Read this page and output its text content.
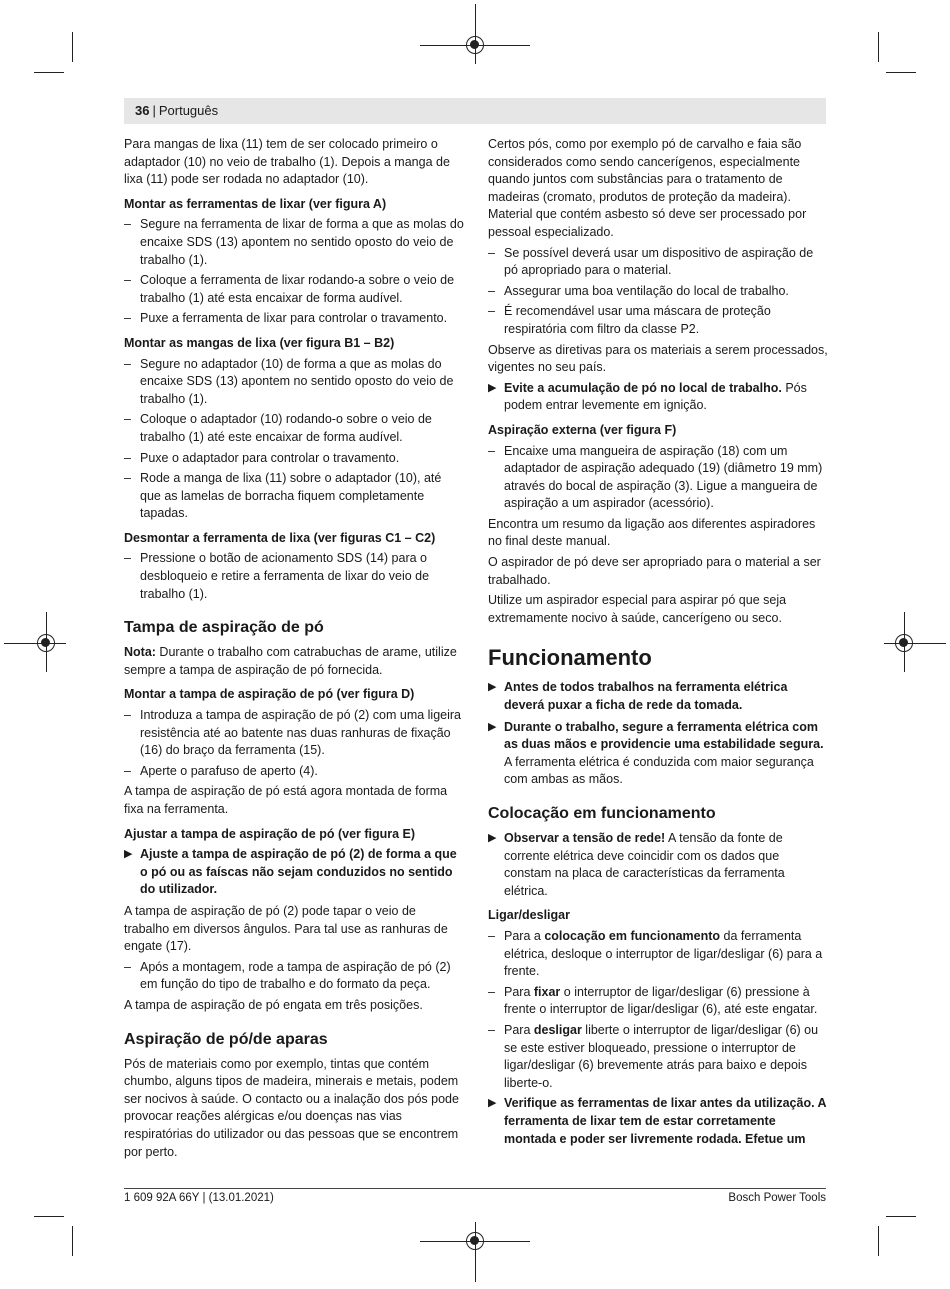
36 | Português

Para mangas de lixa (11) tem de ser colocado primeiro o adaptador (10) no veio de trabalho (1). Depois a manga de lixa (11) pode ser rodada no adaptador (10).

Montar as ferramentas de lixar (ver figura A)
– Segure na ferramenta de lixar de forma a que as molas do encaixe SDS (13) apontem no sentido oposto do veio de trabalho (1).
– Coloque a ferramenta de lixar rodando-a sobre o veio de trabalho (1) até esta encaixar de forma audível.
– Puxe a ferramenta de lixar para controlar o travamento.
Montar as mangas de lixa (ver figura B1 – B2)
– Segure no adaptador (10) de forma a que as molas do encaixe SDS (13) apontem no sentido oposto do veio de trabalho (1).
– Coloque o adaptador (10) rodando-o sobre o veio de trabalho (1) até este encaixar de forma audível.
– Puxe o adaptador para controlar o travamento.
– Rode a manga de lixa (11) sobre o adaptador (10), até que as lamelas de borracha fiquem completamente tapadas.
Desmontar a ferramenta de lixa (ver figuras C1 – C2)
– Pressione o botão de acionamento SDS (14) para o desbloqueio e retire a ferramenta de lixar do veio de trabalho (1).
Tampa de aspiração de pó

Nota: Durante o trabalho com catrabuchas de arame, utilize sempre a tampa de aspiração de pó fornecida.

Montar a tampa de aspiração de pó (ver figura D)
– Introduza a tampa de aspiração de pó (2) com uma ligeira resistência até ao batente nas duas ranhuras de fixação (16) do braço da ferramenta (15).
– Aperte o parafuso de aperto (4).

A tampa de aspiração de pó está agora montada de forma fixa na ferramenta.

Ajustar a tampa de aspiração de pó (ver figura E)
▶ Ajuste a tampa de aspiração de pó (2) de forma a que o pó ou as faíscas não sejam conduzidos no sentido do utilizador.

A tampa de aspiração de pó (2) pode tapar o veio de trabalho em diversos ângulos. Para tal use as ranhuras de engate (17).

– Após a montagem, rode a tampa de aspiração de pó (2) em função do tipo de trabalho e do formato da peça.

A tampa de aspiração de pó engata em três posições.

Aspiração de pó/de aparas

Pós de materiais como por exemplo, tintas que contém chumbo, alguns tipos de madeira, minerais e metais, podem ser nocivos à saúde. O contacto ou a inalação dos pós pode provocar reações alérgicas e/ou doenças nas vias respiratórias do utilizador ou das pessoas que se encontrem por perto.

Certos pós, como por exemplo pó de carvalho e faia são considerados como sendo cancerígenos, especialmente quando juntos com substâncias para o tratamento de madeiras (cromato, produtos de proteção da madeira). Material que contém asbesto só deve ser processado por pessoal especializado.

– Se possível deverá usar um dispositivo de aspiração de pó apropriado para o material.
– Assegurar uma boa ventilação do local de trabalho.
– É recomendável usar uma máscara de proteção respiratória com filtro da classe P2.

Observe as diretivas para os materiais a serem processados, vigentes no seu país.

▶ Evite a acumulação de pó no local de trabalho. Pós podem entrar levemente em ignição.
Aspiração externa (ver figura F)
– Encaixe uma mangueira de aspiração (18) com um adaptador de aspiração adequado (19) (diâmetro 19 mm) através do bocal de aspiração (3). Ligue a mangueira de aspiração a um aspirador (acessório).

Encontra um resumo da ligação aos diferentes aspiradores no final deste manual.

O aspirador de pó deve ser apropriado para o material a ser trabalhado.

Utilize um aspirador especial para aspirar pó que seja extremamente nocivo à saúde, cancerígeno ou seco.

Funcionamento
▶ Antes de todos trabalhos na ferramenta elétrica deverá puxar a ficha de rede da tomada.
▶ Durante o trabalho, segure a ferramenta elétrica com as duas mãos e providencie uma estabilidade segura. A ferramenta elétrica é conduzida com maior segurança com ambas as mãos.
Colocação em funcionamento
▶ Observar a tensão de rede! A tensão da fonte de corrente elétrica deve coincidir com os dados que constam na placa de características da ferramenta elétrica.
Ligar/desligar
– Para a colocação em funcionamento da ferramenta elétrica, desloque o interruptor de ligar/desligar (6) para a frente.
– Para fixar o interruptor de ligar/desligar (6) pressione à frente o interruptor de ligar/desligar (6), até este engatar.
– Para desligar liberte o interruptor de ligar/desligar (6) ou se este estiver bloqueado, pressione o interruptor de ligar/desligar (6) brevemente atrás para baixo e depois liberte-o.
▶ Verifique as ferramentas de lixar antes da utilização. A ferramenta de lixar tem de estar corretamente montada e poder ser livremente rodada. Efetue um
1 609 92A 66Y | (13.01.2021)	Bosch Power Tools
